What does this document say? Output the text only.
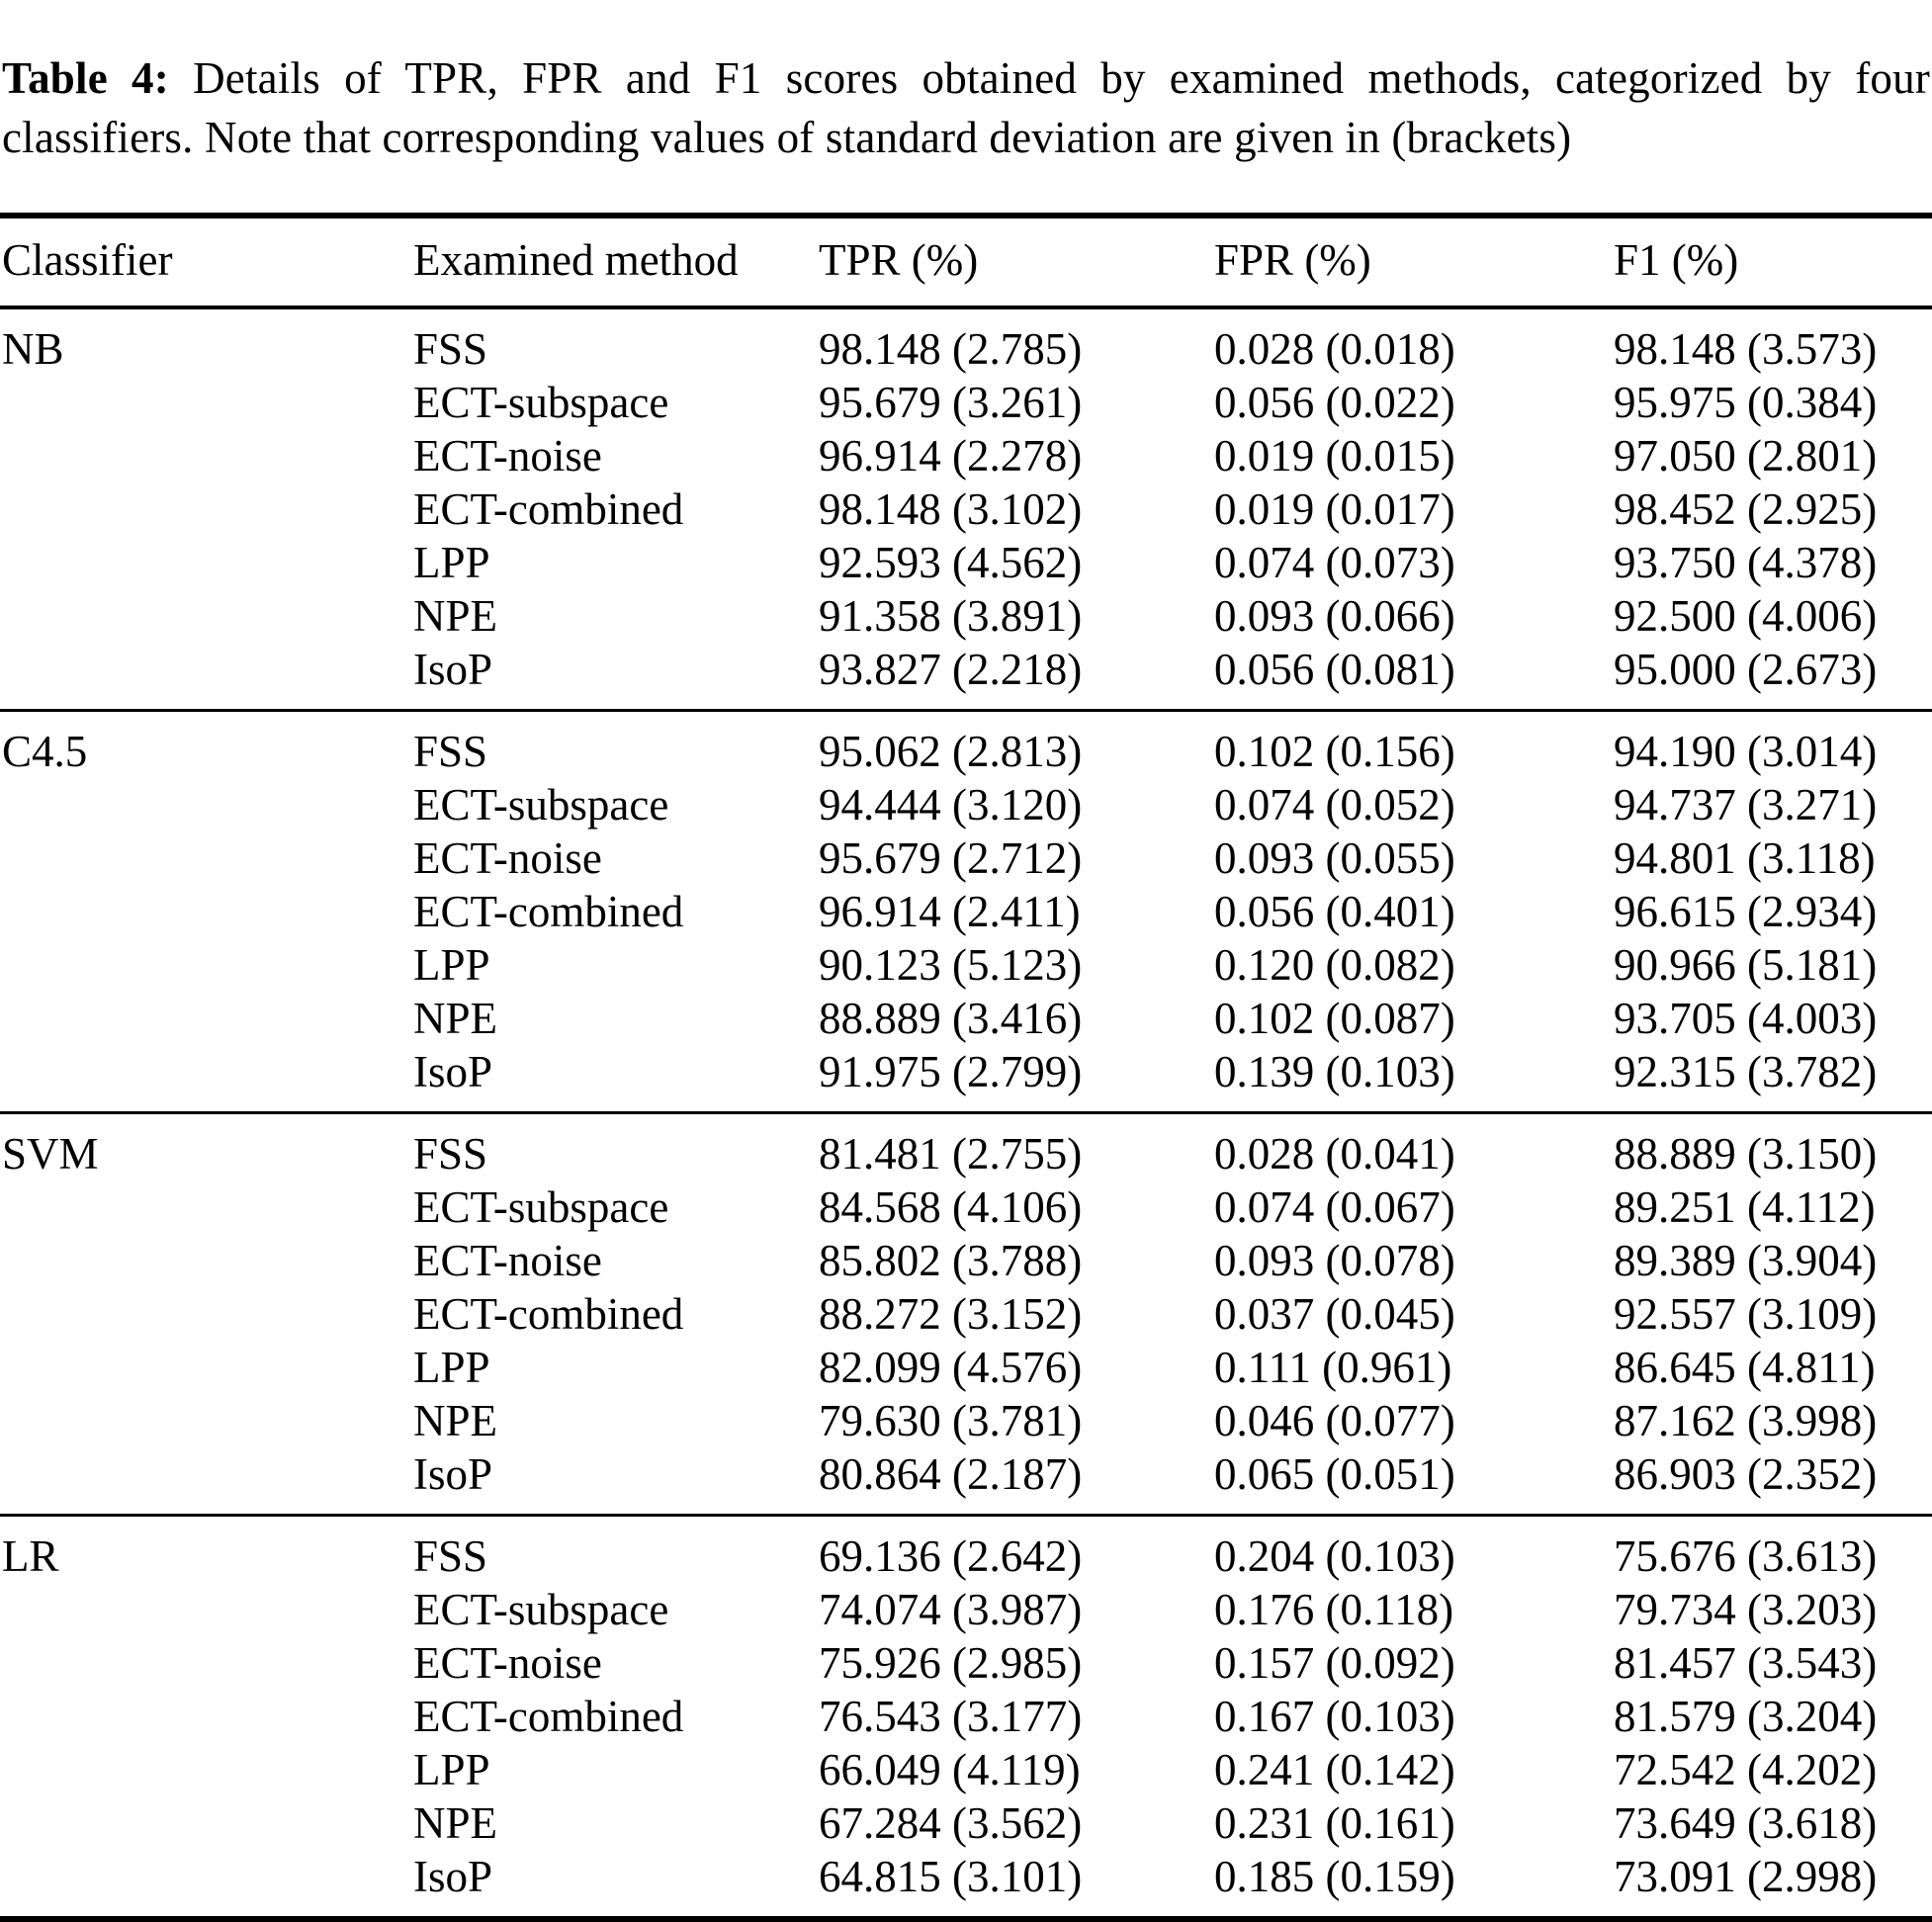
Table 4: Details of TPR, FPR and F1 scores obtained by examined methods, categorized by four classifiers. Note that corresponding values of standard deviation are given in (brackets)

Classifier	Examined method	TPR (%)	FPR (%)	F1 (%)
NB	FSS	98.148 (2.785)	0.028 (0.018)	98.148 (3.573)
	ECT-subspace	95.679 (3.261)	0.056 (0.022)	95.975 (0.384)
	ECT-noise	96.914 (2.278)	0.019 (0.015)	97.050 (2.801)
	ECT-combined	98.148 (3.102)	0.019 (0.017)	98.452 (2.925)
	LPP	92.593 (4.562)	0.074 (0.073)	93.750 (4.378)
	NPE	91.358 (3.891)	0.093 (0.066)	92.500 (4.006)
	IsoP	93.827 (2.218)	0.056 (0.081)	95.000 (2.673)
C4.5	FSS	95.062 (2.813)	0.102 (0.156)	94.190 (3.014)
	ECT-subspace	94.444 (3.120)	0.074 (0.052)	94.737 (3.271)
	ECT-noise	95.679 (2.712)	0.093 (0.055)	94.801 (3.118)
	ECT-combined	96.914 (2.411)	0.056 (0.401)	96.615 (2.934)
	LPP	90.123 (5.123)	0.120 (0.082)	90.966 (5.181)
	NPE	88.889 (3.416)	0.102 (0.087)	93.705 (4.003)
	IsoP	91.975 (2.799)	0.139 (0.103)	92.315 (3.782)
SVM	FSS	81.481 (2.755)	0.028 (0.041)	88.889 (3.150)
	ECT-subspace	84.568 (4.106)	0.074 (0.067)	89.251 (4.112)
	ECT-noise	85.802 (3.788)	0.093 (0.078)	89.389 (3.904)
	ECT-combined	88.272 (3.152)	0.037 (0.045)	92.557 (3.109)
	LPP	82.099 (4.576)	0.111 (0.961)	86.645 (4.811)
	NPE	79.630 (3.781)	0.046 (0.077)	87.162 (3.998)
	IsoP	80.864 (2.187)	0.065 (0.051)	86.903 (2.352)
LR	FSS	69.136 (2.642)	0.204 (0.103)	75.676 (3.613)
	ECT-subspace	74.074 (3.987)	0.176 (0.118)	79.734 (3.203)
	ECT-noise	75.926 (2.985)	0.157 (0.092)	81.457 (3.543)
	ECT-combined	76.543 (3.177)	0.167 (0.103)	81.579 (3.204)
	LPP	66.049 (4.119)	0.241 (0.142)	72.542 (4.202)
	NPE	67.284 (3.562)	0.231 (0.161)	73.649 (3.618)
	IsoP	64.815 (3.101)	0.185 (0.159)	73.091 (2.998)
